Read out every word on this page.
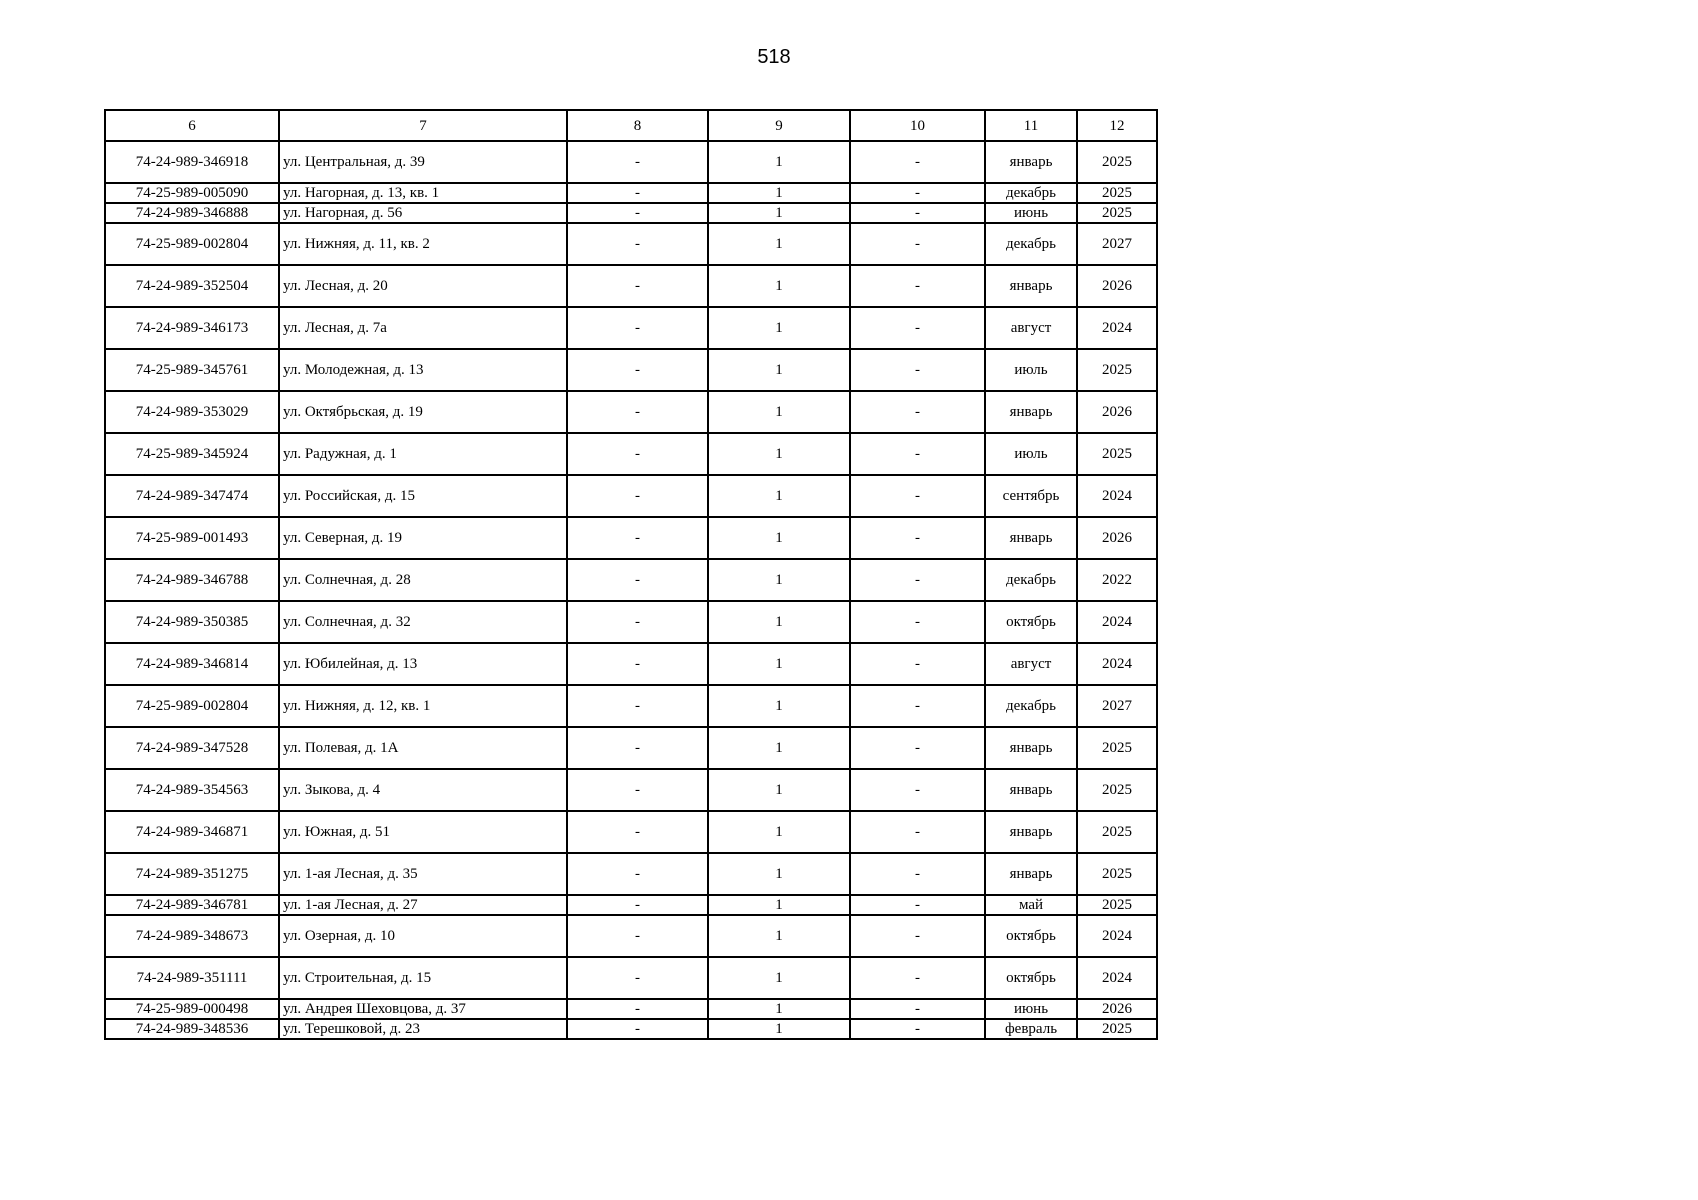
518
6	7	8	9	10	11	12
74-24-989-346918	ул. Центральная, д. 39	-	1	-	январь	2025
74-25-989-005090	ул. Нагорная, д. 13, кв. 1	-	1	-	декабрь	2025
74-24-989-346888	ул. Нагорная, д. 56	-	1	-	июнь	2025
74-25-989-002804	ул. Нижняя, д. 11, кв. 2	-	1	-	декабрь	2027
74-24-989-352504	ул. Лесная, д. 20	-	1	-	январь	2026
74-24-989-346173	ул. Лесная, д. 7а	-	1	-	август	2024
74-25-989-345761	ул. Молодежная, д. 13	-	1	-	июль	2025
74-24-989-353029	ул. Октябрьская, д. 19	-	1	-	январь	2026
74-25-989-345924	ул. Радужная, д. 1	-	1	-	июль	2025
74-24-989-347474	ул. Российская, д. 15	-	1	-	сентябрь	2024
74-25-989-001493	ул. Северная, д. 19	-	1	-	январь	2026
74-24-989-346788	ул. Солнечная, д. 28	-	1	-	декабрь	2022
74-24-989-350385	ул. Солнечная, д. 32	-	1	-	октябрь	2024
74-24-989-346814	ул. Юбилейная, д. 13	-	1	-	август	2024
74-25-989-002804	ул. Нижняя, д. 12, кв. 1	-	1	-	декабрь	2027
74-24-989-347528	ул. Полевая, д. 1А	-	1	-	январь	2025
74-24-989-354563	ул. Зыкова, д. 4	-	1	-	январь	2025
74-24-989-346871	ул. Южная, д. 51	-	1	-	январь	2025
74-24-989-351275	ул. 1-ая Лесная, д. 35	-	1	-	январь	2025
74-24-989-346781	ул. 1-ая Лесная, д. 27	-	1	-	май	2025
74-24-989-348673	ул. Озерная, д. 10	-	1	-	октябрь	2024
74-24-989-351111	ул. Строительная, д. 15	-	1	-	октябрь	2024
74-25-989-000498	ул. Андрея Шеховцова, д. 37	-	1	-	июнь	2026
74-24-989-348536	ул. Терешковой, д. 23	-	1	-	февраль	2025
